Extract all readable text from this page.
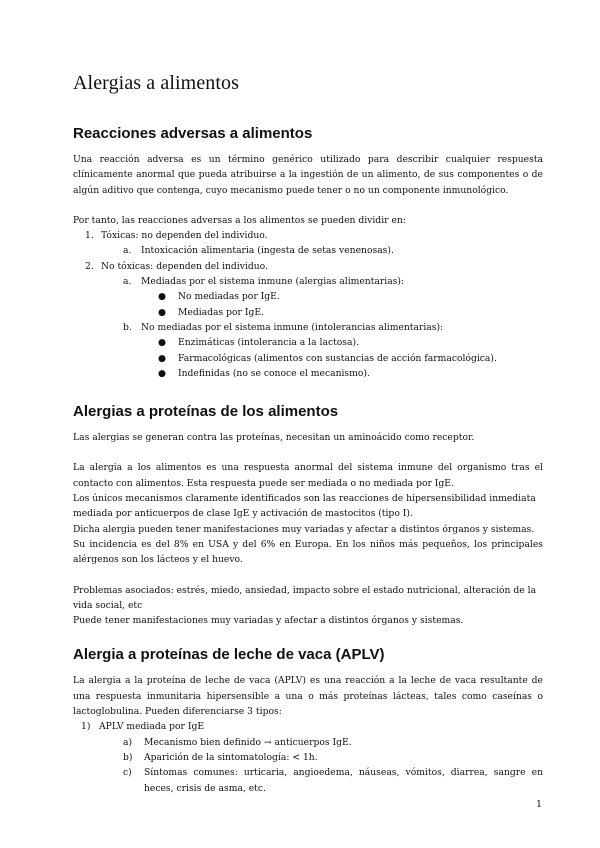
Alergias a alimentos
Reacciones adversas a alimentos

Una reacción adversa es un término genérico utilizado para describir cualquier respuesta clínicamente anormal que pueda atribuirse a la ingestión de un alimento, de sus componentes o de algún aditivo que contenga, cuyo mecanismo puede tener o no un componente inmunológico.

Por tanto, las reacciones adversas a los alimentos se pueden dividir en:

1. Tóxicas: no dependen del individuo.
a. Intoxicación alimentaria (ingesta de setas venenosas).
2. No tóxicas: dependen del individuo.
a. Mediadas por el sistema inmune (alergias alimentarias):
● No mediadas por IgE.
● Mediadas por IgE.
b. No mediadas por el sistema inmune (intolerancias alimentarias):
● Enzimáticas (intolerancia a la lactosa).
● Farmacológicas (alimentos con sustancias de acción farmacológica).
● Indefinidas (no se conoce el mecanismo).
Alergias a proteínas de los alimentos

Las alergias se generan contra las proteínas, necesitan un aminoácido como receptor.

La alergia a los alimentos es una respuesta anormal del sistema inmune del organismo tras el contacto con alimentos. Esta respuesta puede ser mediada o no mediada por IgE.

Los únicos mecanismos claramente identificados son las reacciones de hipersensibilidad inmediata mediada por anticuerpos de clase IgE y activación de mastocitos (tipo I).

Dicha alergia pueden tener manifestaciones muy variadas y afectar a distintos órganos y sistemas.

Su incidencia es del 8% en USA y del 6% en Europa. En los niños más pequeños, los principales alérgenos son los lácteos y el huevo.

Problemas asociados: estrés, miedo, ansiedad, impacto sobre el estado nutricional, alteración de la vida social, etc

Puede tener manifestaciones muy variadas y afectar a distintos órganos y sistemas.

Alergia a proteínas de leche de vaca (APLV)

La alergia a la proteína de leche de vaca (APLV) es una reacción a la leche de vaca resultante de una respuesta inmunitaria hipersensible a una o más proteínas lácteas, tales como caseínas o lactoglobulina. Pueden diferenciarse 3 tipos:

1) APLV mediada por IgE
a) Mecanismo bien definido → anticuerpos IgE.
b) Aparición de la sintomatología: < 1h.
c)	Síntomas comunes: urticaria, angioedema, náuseas, vómitos, diarrea, sangre en heces, crisis de asma, etc.
1
